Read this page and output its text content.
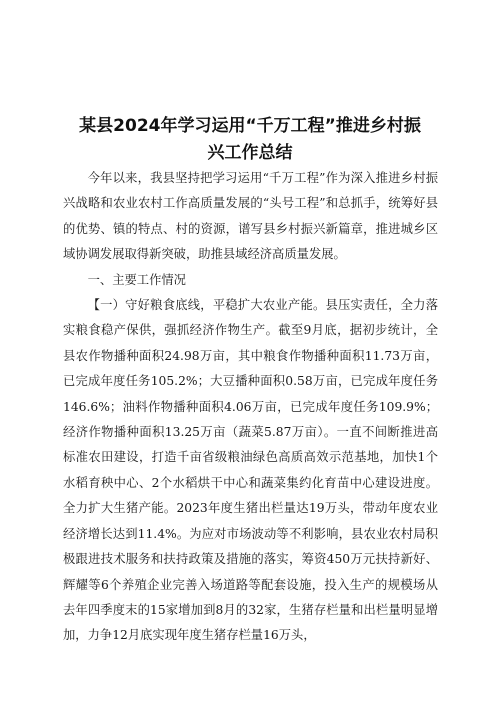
某县2024年学习运用“千万工程”推进乡村振
兴工作总结

今年以来，我县坚持把学习运用“千万工程”作为深入推进乡村振兴战略和农业农村工作高质量发展的“头号工程”和总抓手，统筹好县的优势、镇的特点、村的资源，谱写县乡村振兴新篇章，推进城乡区域协调发展取得新突破，助推县域经济高质量发展。

一、主要工作情况

【一）守好粮食底线，平稳扩大农业产能。县压实责任，全力落实粮食稳产保供，强抓经济作物生产。截至9月底，据初步统计，全县农作物播种面积24.98万亩，其中粮食作物播种面积11.73万亩，已完成年度任务105.2%；大豆播种面积0.58万亩，已完成年度任务146.6%；油料作物播种面积4.06万亩，已完成年度任务109.9%；经济作物播种面积13.25万亩（蔬菜5.87万亩）。一直不间断推进高标准农田建设，打造千亩省级粮油绿色高质高效示范基地，加快1个水稻育秧中心、2个水稻烘干中心和蔬菜集约化育苗中心建设进度。全力扩大生猪产能。2023年度生猪出栏量达19万头，带动年度农业经济增长达到11.4%。为应对市场波动等不利影响，县农业农村局积极跟进技术服务和扶持政策及措施的落实，筹资450万元扶持新好、辉耀等6个养殖企业完善入场道路等配套设施，投入生产的规模场从去年四季度末的15家增加到8月的32家，生猪存栏量和出栏量明显增加，力争12月底实现年度生猪存栏量16万头，
